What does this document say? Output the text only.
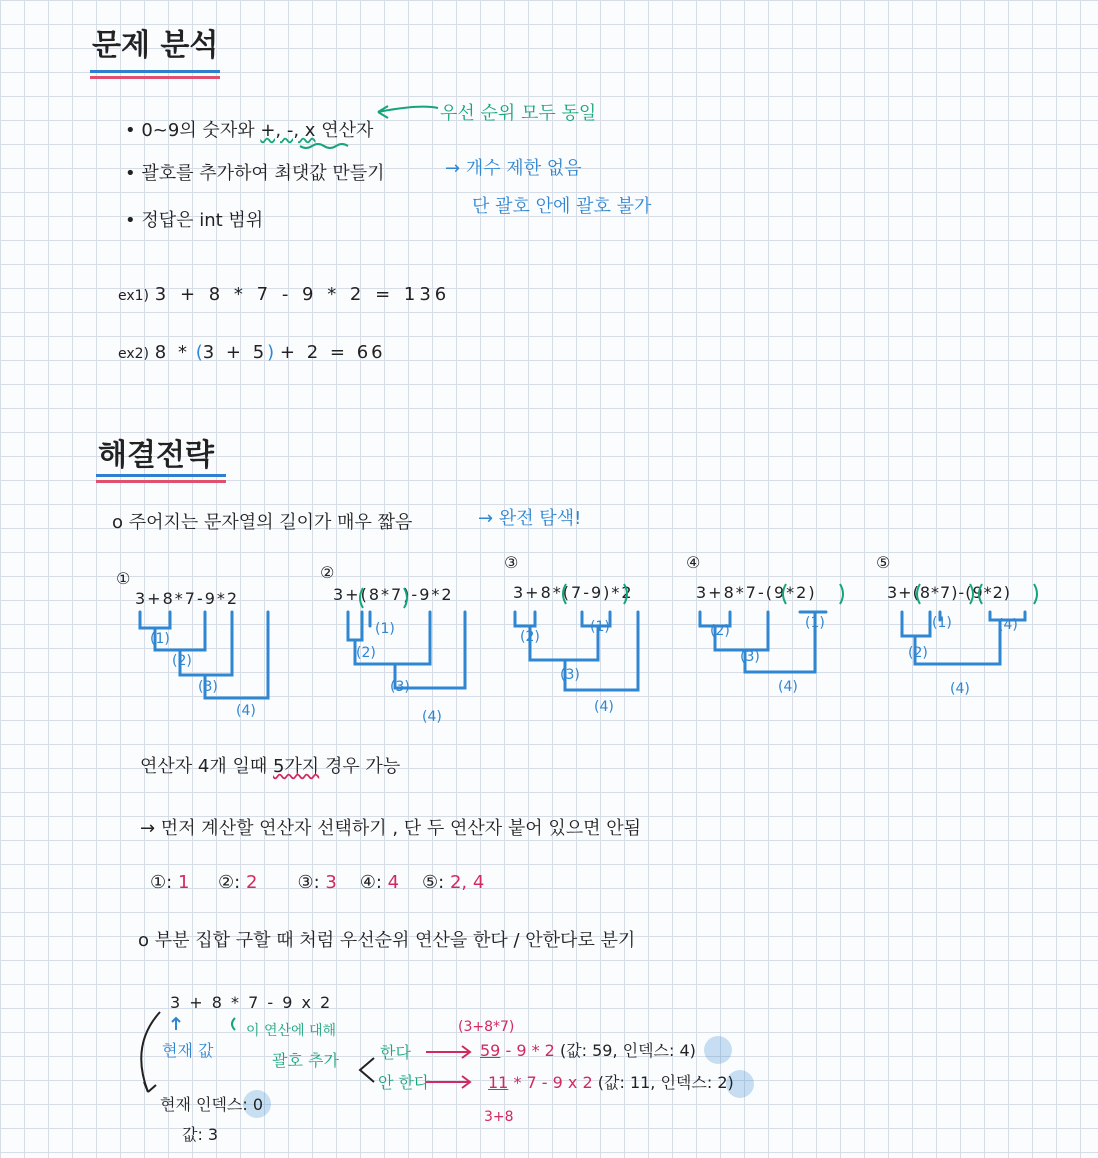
문제 분석
• 0~9의 숫자와 +, -, x 연산자
우선 순위 모두 동일
• 괄호를 추가하여 최댓값 만들기	→ 개수 제한 없음
단 괄호 안에 괄호 불가
• 정답은 int 범위
ex1) 3 + 8 * 7 - 9 * 2 = 136
ex2) 8 * (3 + 5) + 2 = 66
해결전략
o 주어지는 문자열의 길이가 매우 짧음	→ 완전 탐색!
①
3+8*7-9*2
②
3+(8*7)-9*2
③
3+8*(7-9)*2
④
3+8*7-(9*2)
⑤
3+(8*7)-(9*2)
(1)
(2)
(3)
(4)
(1)
(2)
(3)
(4)
(1)
(2)
(3)
(4)
(1)
(2)
(3)
(4)
(1)
(2)
(4)
(4)
연산자 4개 일때 5가지 경우 가능
→ 먼저 계산할 연산자 선택하기 , 단 두 연산자 붙어 있으면 안됨
①: 1 ②: 2 ③: 3 ④: 4 ⑤: 2, 4
o 부분 집합 구할 때 처럼 우선순위 연산을 한다 / 안한다로 분기
3 + 8 * 7 - 9 x 2
이 연산에 대해
현재 값
괄호 추가	한다
(3+8*7)
59 - 9 * 2 (값: 59, 인덱스: 4)
안 한다	11 * 7 - 9 x 2 (값: 11, 인덱스: 2)
3+8
현재 인덱스: 0
값: 3
